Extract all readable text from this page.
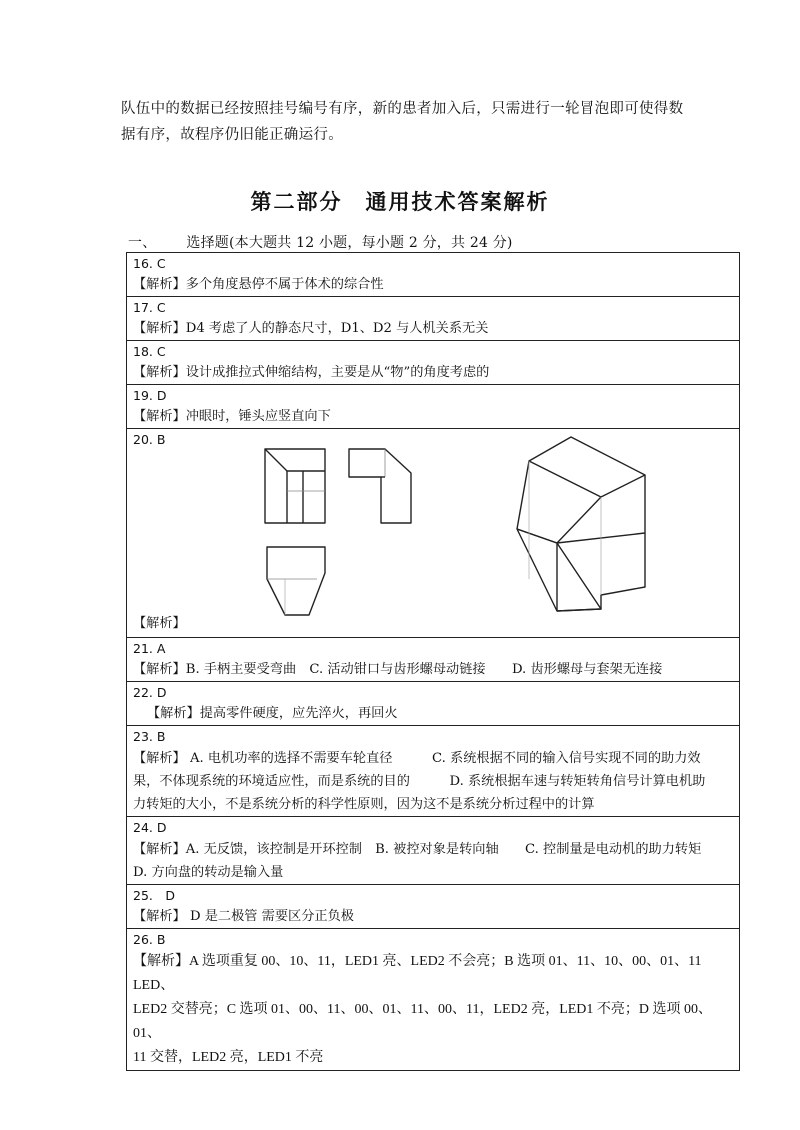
队伍中的数据已经按照挂号编号有序，新的患者加入后，只需进行一轮冒泡即可使得数
据有序，故程序仍旧能正确运行。
第二部分　通用技术答案解析
一、 选择题(本大题共 12 小题，每小题 2 分，共 24 分)
16. C
【解析】多个角度悬停不属于体术的综合性
17. C
【解析】D4 考虑了人的静态尺寸，D1、D2 与人机关系无关
18. C
【解析】设计成推拉式伸缩结构，主要是从“物”的角度考虑的
19. D
【解析】冲眼时，锤头应竖直向下
20. B
【解析】
21. A
【解析】B. 手柄主要受弯曲　C. 活动钳口与齿形螺母动链接　　D. 齿形螺母与套架无连接
22. D
【解析】提高零件硬度，应先淬火，再回火
23. B
【解析】 A. 电机功率的选择不需要车轮直径　　　C. 系统根据不同的输入信号实现不同的助力效
果，不体现系统的环境适应性，而是系统的目的　　　D. 系统根据车速与转矩转角信号计算电机助
力转矩的大小，不是系统分析的科学性原则，因为这不是系统分析过程中的计算
24. D
【解析】A. 无反馈，该控制是开环控制　B. 被控对象是转向轴　　C. 控制量是电动机的助力转矩
D. 方向盘的转动是输入量
25.　D
【解析】 D 是二极管 需要区分正负极
26. B
【解析】A 选项重复 00、10、11，LED1 亮、LED2 不会亮；B 选项 01、11、10、00、01、11 LED、
LED2 交替亮；C 选项 01、00、11、00、01、11、00、11，LED2 亮，LED1 不亮；D 选项 00、01、
11 交替，LED2 亮，LED1 不亮
